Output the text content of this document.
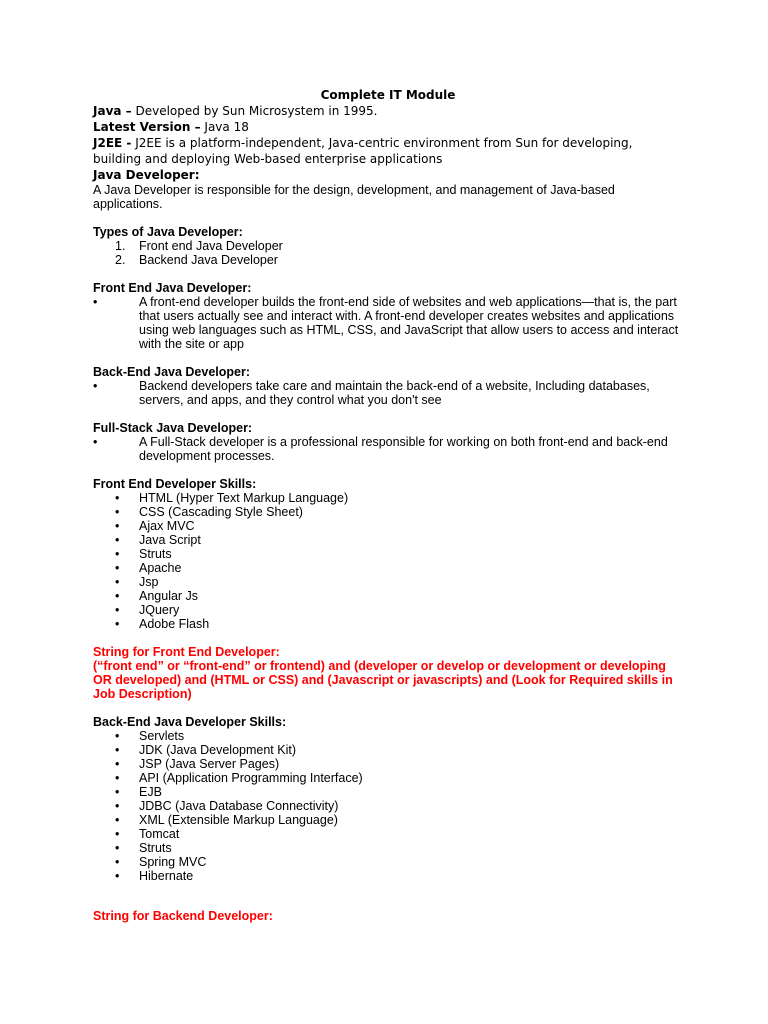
Complete IT Module
Java – Developed by Sun Microsystem in 1995.
Latest Version – Java 18
J2EE - J2EE is a platform-independent, Java-centric environment from Sun for developing, building and deploying Web-based enterprise applications
Java Developer:
A Java Developer is responsible for the design, development, and management of Java-based applications.
Types of Java Developer:
1. Front end Java Developer
2. Backend Java Developer
Front End Java Developer:
• A front-end developer builds the front-end side of websites and web applications—that is, the part that users actually see and interact with. A front-end developer creates websites and applications using web languages such as HTML, CSS, and JavaScript that allow users to access and interact with the site or app
Back-End Java Developer:
• Backend developers take care and maintain the back-end of a website, Including databases, servers, and apps, and they control what you don't see
Full-Stack Java Developer:
• A Full-Stack developer is a professional responsible for working on both front-end and back-end development processes.
Front End Developer Skills:
• HTML (Hyper Text Markup Language)
• CSS (Cascading Style Sheet)
• Ajax MVC
• Java Script
• Struts
• Apache
• Jsp
• Angular Js
• JQuery
• Adobe Flash
String for Front End Developer:
(“front end” or “front-end” or frontend) and (developer or develop or development or developing OR developed) and (HTML or CSS) and (Javascript or javascripts) and (Look for Required skills in Job Description)
Back-End Java Developer Skills:
• Servlets
• JDK (Java Development Kit)
• JSP (Java Server Pages)
• API (Application Programming Interface)
• EJB
• JDBC (Java Database Connectivity)
• XML (Extensible Markup Language)
• Tomcat
• Struts
• Spring MVC
• Hibernate
String for Backend Developer:
